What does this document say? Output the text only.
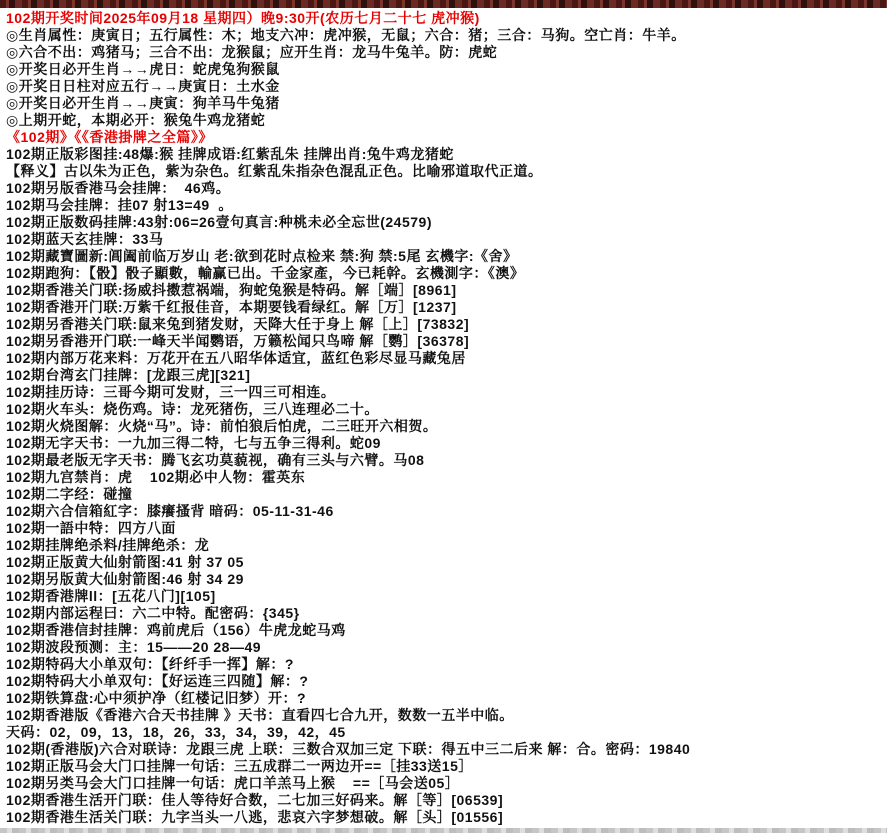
102期开奖时间2025年09月18 星期四）晚9:30开(农历七月二十七 虎冲猴)
◎生肖属性：庚寅日；五行属性：木；地支六冲：虎冲猴，无鼠；六合：猪；三合：马狗。空亡肖：牛羊。
◎六合不出：鸡猪马；三合不出：龙猴鼠；应开生肖：龙马牛兔羊。防：虎蛇
◎开奖日必开生肖→→虎日：蛇虎兔狗猴鼠
◎开奖日日柱对应五行→→庚寅日：土水金
◎开奖日必开生肖→→庚寅：狗羊马牛兔猪
◎上期开蛇，本期必开：猴兔牛鸡龙猪蛇
《102期》《《香港掛牌之全篇》》
102期正版彩图挂:48爆:猴 挂牌成语:红紫乱朱 挂牌出肖:兔牛鸡龙猪蛇
【释义】古以朱为正色，紫为杂色。红紫乱朱指杂色混乱正色。比喻邪道取代正道。
102期另版香港马会挂牌：  46鸡。
102期马会挂牌：挂07 射13=49  。
102期正版数码挂牌:43射:06=26壹句真言:种桃未必全忘世(24579)
102期蓝天玄挂牌：33马
102期藏寶圖新:阊阖前临万岁山 老:欲到花时点检来 禁:狗 禁:5尾 玄機字:《舍》
102期跑狗：【骰】骰子顯數，輸赢已出。千金家產，今已耗幹。玄機測字：《澳》
102期香港关门联:扬威抖擞惹祸端，狗蛇兔猴是特码。解［端］[8961]
102期香港开门联:万紫千红报佳音，本期要钱看绿红。解［万］[1237]
102期另香港关门联:鼠来兔到猪发财，天降大任于身上 解［上］[73832]
102期另香港开门联:一峰天半闻鹦语，万籁松闻只鸟啼 解［鹦］[36378]
102期内部万花来料：万花开在五八昭华体适宜，蓝红色彩尽显马藏兔居
102期台湾玄门挂牌：[龙跟三虎][321]
102期挂历诗：三哥今期可发财，三一四三可相连。
102期火车头：烧伤鸡。诗：龙死猪伤，三八连理必二十。
102期火烧图解：火烧“马”。诗：前怕狼后怕虎，二三旺开六相贺。
102期无字天书：一九加三得二特，七与五争三得利。蛇09
102期最老版无字天书：腾飞玄功莫藐视，确有三头与六臂。马08
102期九宫禁肖：虎    102期必中人物：霍英东
102期二字经：碰撞
102期六合信箱紅字：膝癢搔背 暗码：05-11-31-46
102期一語中特：四方八面
102期挂牌绝杀料/挂牌绝杀：龙
102期正版黄大仙射箭图:41 射 37 05
102期另版黄大仙射箭图:46 射 34 29
102期香港牌ll：[五花八门][105]
102期内部运程曰：六二中特。配密码：{345}
102期香港信封挂牌：鸡前虎后（156）牛虎龙蛇马鸡
102期波段预测：主：15——20 28—49
102期特码大小单双句：【纤纤手一挥】解：?
102期特码大小单双句：【好运连三四随】解：?
102期铁算盘:心中须护净（红楼记旧梦）开：?
102期香港版《香港六合天书挂牌 》天书：直看四七合九开，数数一五半中临。
天码：02，09，13，18，26，33，34，39，42，45
102期(香港版)六合对联诗：龙跟三虎 上联：三数合双加三定 下联：得五中三二后来 解：合。密码：19840
102期正版马会大门口挂牌一句话：三五成群二一两边开==［挂33送15］
102期另类马会大门口挂牌一句话：虎口羊羔马上猴    ==［马会送05］
102期香港生活开门联：佳人等待好合数，二七加三好码来。解［等］[06539]
102期香港生活关门联：九字当头一八逃，悲哀六字梦想破。解［头］[01556]
